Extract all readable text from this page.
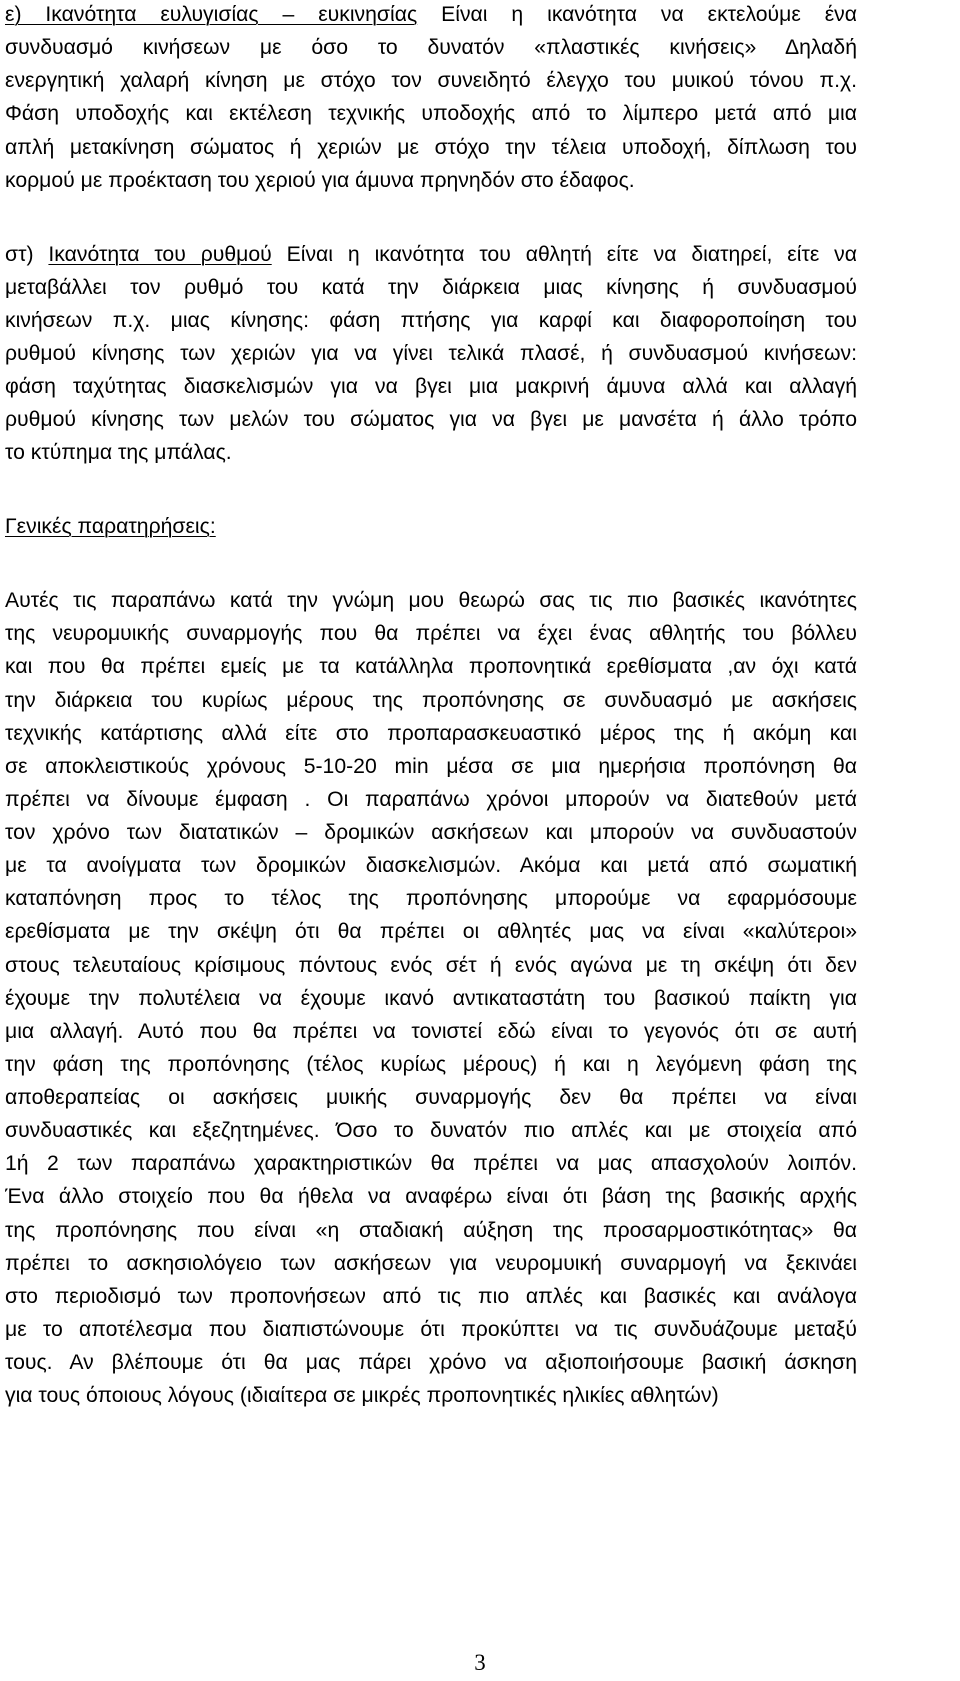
ε) Ικανότητα ευλυγισίας – ευκινησίας Είναι η ικανότητα να εκτελούμε ένα
συνδυασμό κινήσεων με όσο το δυνατόν «πλαστικές κινήσεις» Δηλαδή
ενεργητική χαλαρή κίνηση με στόχο τον συνειδητό έλεγχο του μυικού τόνου π.χ.
Φάση υποδοχής και εκτέλεση τεχνικής υποδοχής από το λίμπερο μετά από μια
απλή μετακίνηση σώματος ή χεριών με στόχο την τέλεια υποδοχή, δίπλωση του
κορμού με προέκταση του χεριού για άμυνα πρηνηδόν στο έδαφος.
στ) Ικανότητα του ρυθμού Είναι η ικανότητα του αθλητή είτε να διατηρεί, είτε να
μεταβάλλει τον ρυθμό του κατά την διάρκεια μιας κίνησης ή συνδυασμού
κινήσεων π.χ. μιας κίνησης: φάση πτήσης για καρφί και διαφοροποίηση του
ρυθμού κίνησης των χεριών για να γίνει τελικά πλασέ, ή συνδυασμού κινήσεων:
φάση ταχύτητας διασκελισμών για να βγει μια μακρινή άμυνα αλλά και αλλαγή
ρυθμού κίνησης των μελών του σώματος για να βγει με μανσέτα ή άλλο τρόπο
το κτύπημα της μπάλας.
Γενικές παρατηρήσεις:
Αυτές τις παραπάνω κατά την γνώμη μου θεωρώ σας τις πιο βασικές ικανότητες
της νευρομυικής συναρμογής που θα πρέπει να έχει ένας αθλητής του βόλλευ
και που θα πρέπει εμείς με τα κατάλληλα προπονητικά ερεθίσματα ,αν όχι κατά
την διάρκεια του κυρίως μέρους της προπόνησης σε συνδυασμό με ασκήσεις
τεχνικής κατάρτισης αλλά είτε στο προπαρασκευαστικό μέρος της ή ακόμη και
σε αποκλειστικούς χρόνους 5-10-20 min μέσα σε μια ημερήσια προπόνηση θα
πρέπει να δίνουμε έμφαση . Οι παραπάνω χρόνοι μπορούν να διατεθούν μετά
τον χρόνο των διατατικών – δρομικών ασκήσεων και μπορούν να συνδυαστούν
με τα ανοίγματα των δρομικών διασκελισμών. Ακόμα και μετά από σωματική
καταπόνηση προς το τέλος της προπόνησης μπορούμε να εφαρμόσουμε
ερεθίσματα με την σκέψη ότι θα πρέπει οι αθλητές μας να είναι «καλύτεροι»
στους τελευταίους κρίσιμους πόντους ενός σέτ ή ενός αγώνα με τη σκέψη ότι δεν
έχουμε την πολυτέλεια να έχουμε ικανό αντικαταστάτη του βασικού παίκτη για
μια αλλαγή. Αυτό που θα πρέπει να τονιστεί εδώ είναι το γεγονός ότι σε αυτή
την φάση της προπόνησης (τέλος κυρίως μέρους) ή και η λεγόμενη φάση της
αποθεραπείας οι ασκήσεις μυικής συναρμογής δεν θα πρέπει να είναι
συνδυαστικές και εξεζητημένες. Όσο το δυνατόν πιο απλές και με στοιχεία από
1ή 2 των παραπάνω χαρακτηριστικών θα πρέπει να μας απασχολούν λοιπόν.
Ένα άλλο στοιχείο που θα ήθελα να αναφέρω είναι ότι βάση της βασικής αρχής
της προπόνησης που είναι «η σταδιακή αύξηση της προσαρμοστικότητας» θα
πρέπει το ασκησιολόγειο των ασκήσεων για νευρομυική συναρμογή να ξεκινάει
στο περιοδισμό των προπονήσεων από τις πιο απλές και βασικές και ανάλογα
με το αποτέλεσμα που διαπιστώνουμε ότι προκύπτει να τις συνδυάζουμε μεταξύ
τους. Αν βλέπουμε ότι θα μας πάρει χρόνο να αξιοποιήσουμε βασική άσκηση
για τους όποιους λόγους (ιδιαίτερα σε μικρές προπονητικές ηλικίες αθλητών)
3
